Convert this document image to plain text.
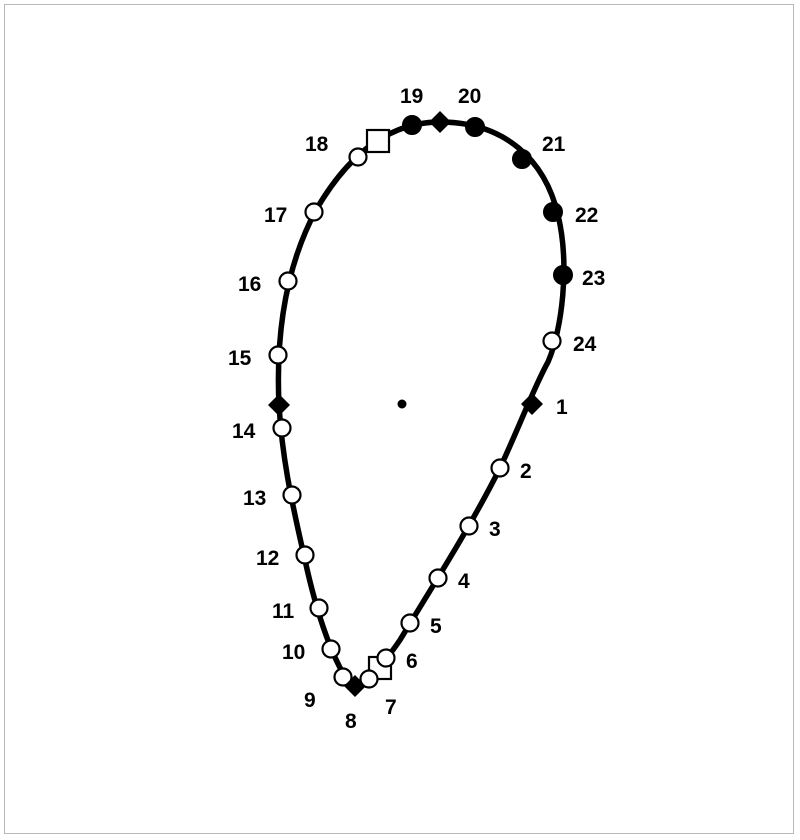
1
2
3
4
5
6
7
8
9
10
11
12
13
14
15
16
17
18
19 20
21
22
23
24
